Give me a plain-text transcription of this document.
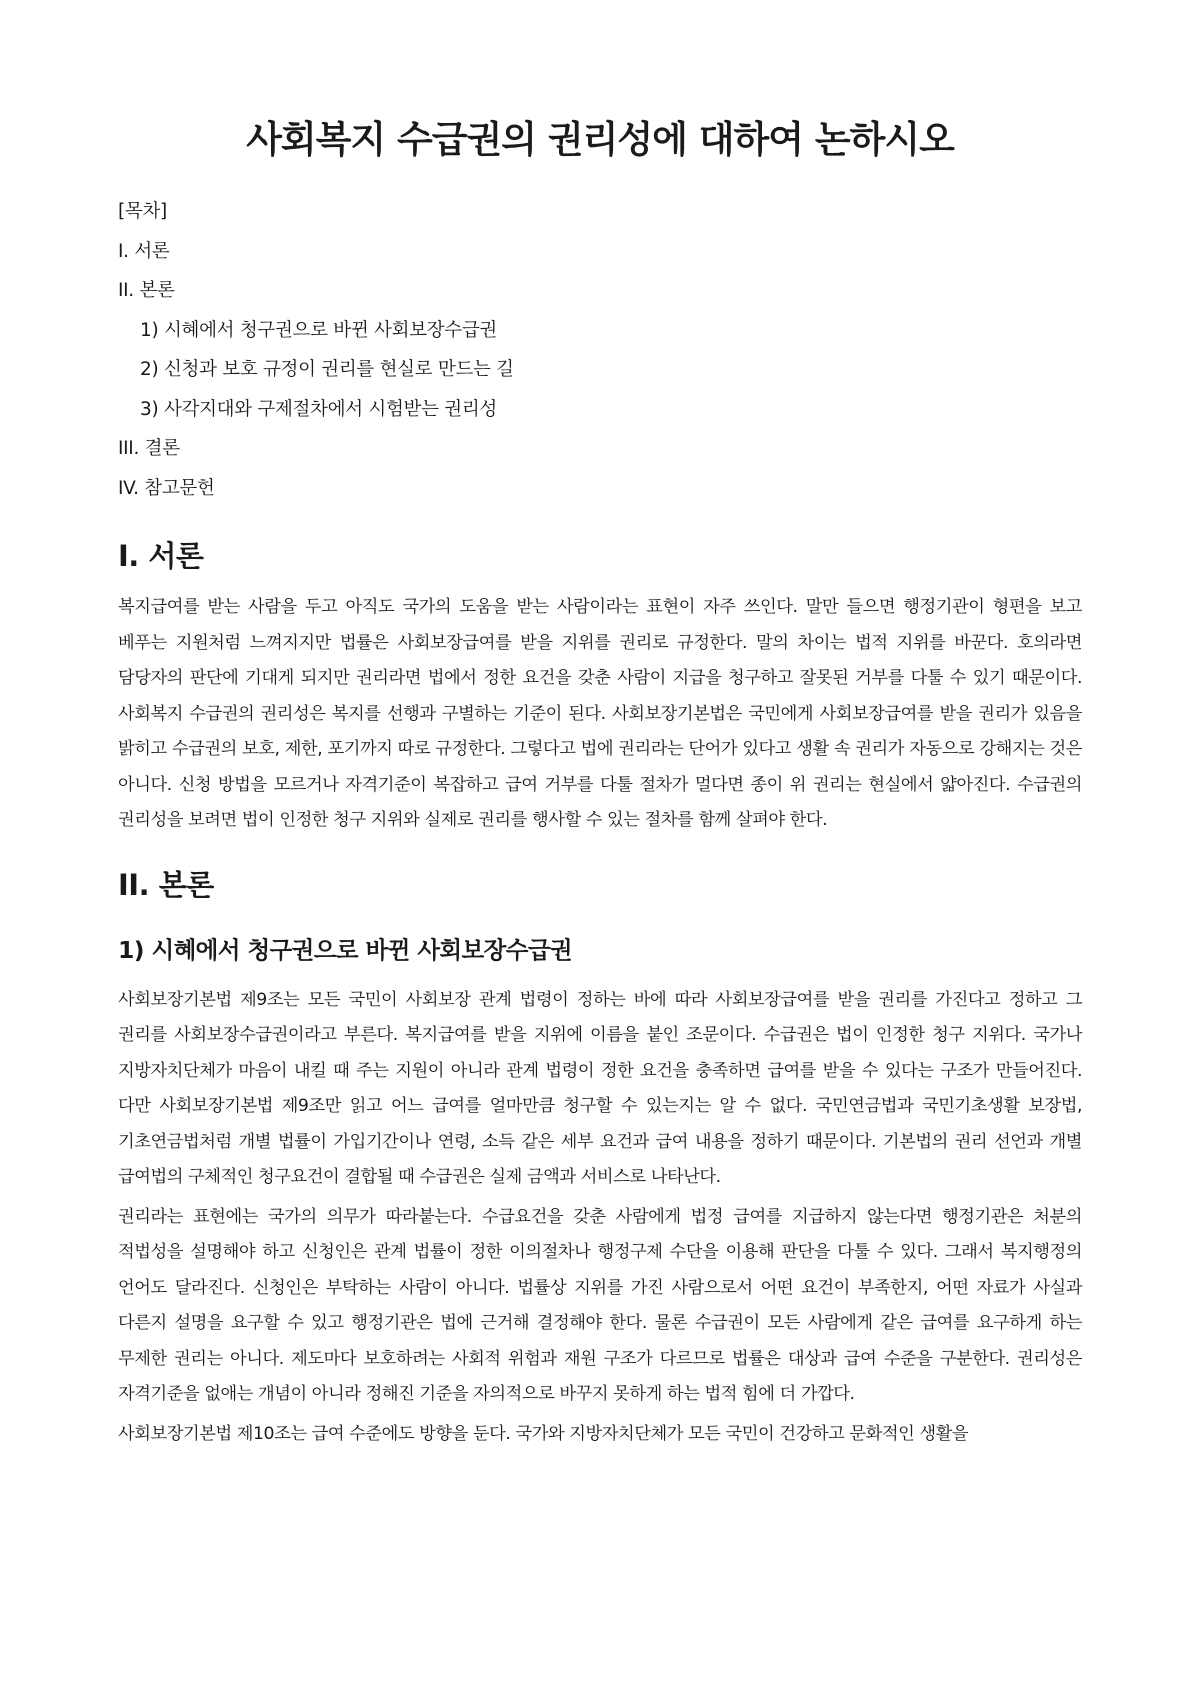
사회복지 수급권의 권리성에 대하여 논하시오
[목차]
I. 서론
II. 본론
1) 시혜에서 청구권으로 바뀐 사회보장수급권
2) 신청과 보호 규정이 권리를 현실로 만드는 길
3) 사각지대와 구제절차에서 시험받는 권리성
III. 결론
IV. 참고문헌
I. 서론

복지급여를 받는 사람을 두고 아직도 국가의 도움을 받는 사람이라는 표현이 자주 쓰인다. 말만 들으면 행정기관이 형편을 보고 베푸는 지원처럼 느껴지지만 법률은 사회보장급여를 받을 지위를 권리로 규정한다. 말의 차이는 법적 지위를 바꾼다. 호의라면 담당자의 판단에 기대게 되지만 권리라면 법에서 정한 요건을 갖춘 사람이 지급을 청구하고 잘못된 거부를 다툴 수 있기 때문이다. 사회복지 수급권의 권리성은 복지를 선행과 구별하는 기준이 된다. 사회보장기본법은 국민에게 사회보장급여를 받을 권리가 있음을 밝히고 수급권의 보호, 제한, 포기까지 따로 규정한다. 그렇다고 법에 권리라는 단어가 있다고 생활 속 권리가 자동으로 강해지는 것은 아니다. 신청 방법을 모르거나 자격기준이 복잡하고 급여 거부를 다툴 절차가 멀다면 종이 위 권리는 현실에서 얇아진다. 수급권의 권리성을 보려면 법이 인정한 청구 지위와 실제로 권리를 행사할 수 있는 절차를 함께 살펴야 한다.

II. 본론
1) 시혜에서 청구권으로 바뀐 사회보장수급권

사회보장기본법 제9조는 모든 국민이 사회보장 관계 법령이 정하는 바에 따라 사회보장급여를 받을 권리를 가진다고 정하고 그 권리를 사회보장수급권이라고 부른다. 복지급여를 받을 지위에 이름을 붙인 조문이다. 수급권은 법이 인정한 청구 지위다. 국가나 지방자치단체가 마음이 내킬 때 주는 지원이 아니라 관계 법령이 정한 요건을 충족하면 급여를 받을 수 있다는 구조가 만들어진다. 다만 사회보장기본법 제9조만 읽고 어느 급여를 얼마만큼 청구할 수 있는지는 알 수 없다. 국민연금법과 국민기초생활 보장법, 기초연금법처럼 개별 법률이 가입기간이나 연령, 소득 같은 세부 요건과 급여 내용을 정하기 때문이다. 기본법의 권리 선언과 개별 급여법의 구체적인 청구요건이 결합될 때 수급권은 실제 금액과 서비스로 나타난다.

권리라는 표현에는 국가의 의무가 따라붙는다. 수급요건을 갖춘 사람에게 법정 급여를 지급하지 않는다면 행정기관은 처분의 적법성을 설명해야 하고 신청인은 관계 법률이 정한 이의절차나 행정구제 수단을 이용해 판단을 다툴 수 있다. 그래서 복지행정의 언어도 달라진다. 신청인은 부탁하는 사람이 아니다. 법률상 지위를 가진 사람으로서 어떤 요건이 부족한지, 어떤 자료가 사실과 다른지 설명을 요구할 수 있고 행정기관은 법에 근거해 결정해야 한다. 물론 수급권이 모든 사람에게 같은 급여를 요구하게 하는 무제한 권리는 아니다. 제도마다 보호하려는 사회적 위험과 재원 구조가 다르므로 법률은 대상과 급여 수준을 구분한다. 권리성은 자격기준을 없애는 개념이 아니라 정해진 기준을 자의적으로 바꾸지 못하게 하는 법적 힘에 더 가깝다.

사회보장기본법 제10조는 급여 수준에도 방향을 둔다. 국가와 지방자치단체가 모든 국민이 건강하고 문화적인 생활을
